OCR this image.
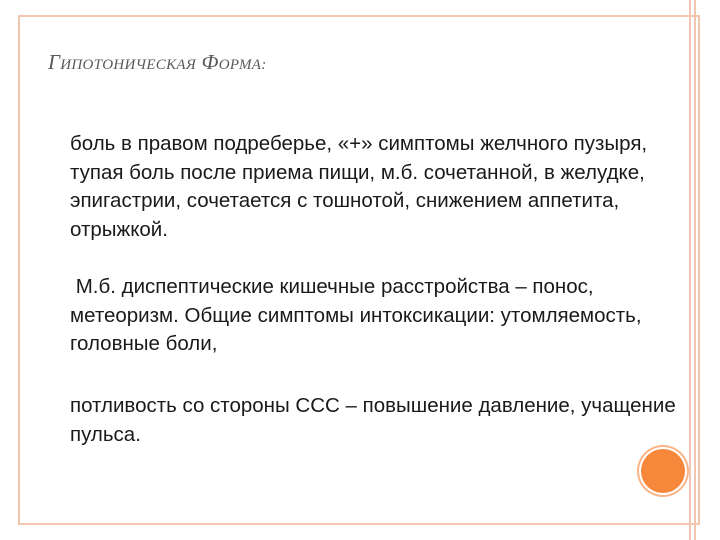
ГИПОТОНИЧЕСКАЯ ФОРМА:

боль в правом подреберье, «+» симптомы желчного пузыря, тупая боль после приема пищи, м.б. сочетанной, в желудке, эпигастрии, сочетается с тошнотой, снижением аппетита, отрыжкой.

М.б. диспептические кишечные расстройства – понос, метеоризм. Общие симптомы интоксикации: утомляемость, головные боли,

потливость со стороны ССС – повышение давление, учащение пульса.
